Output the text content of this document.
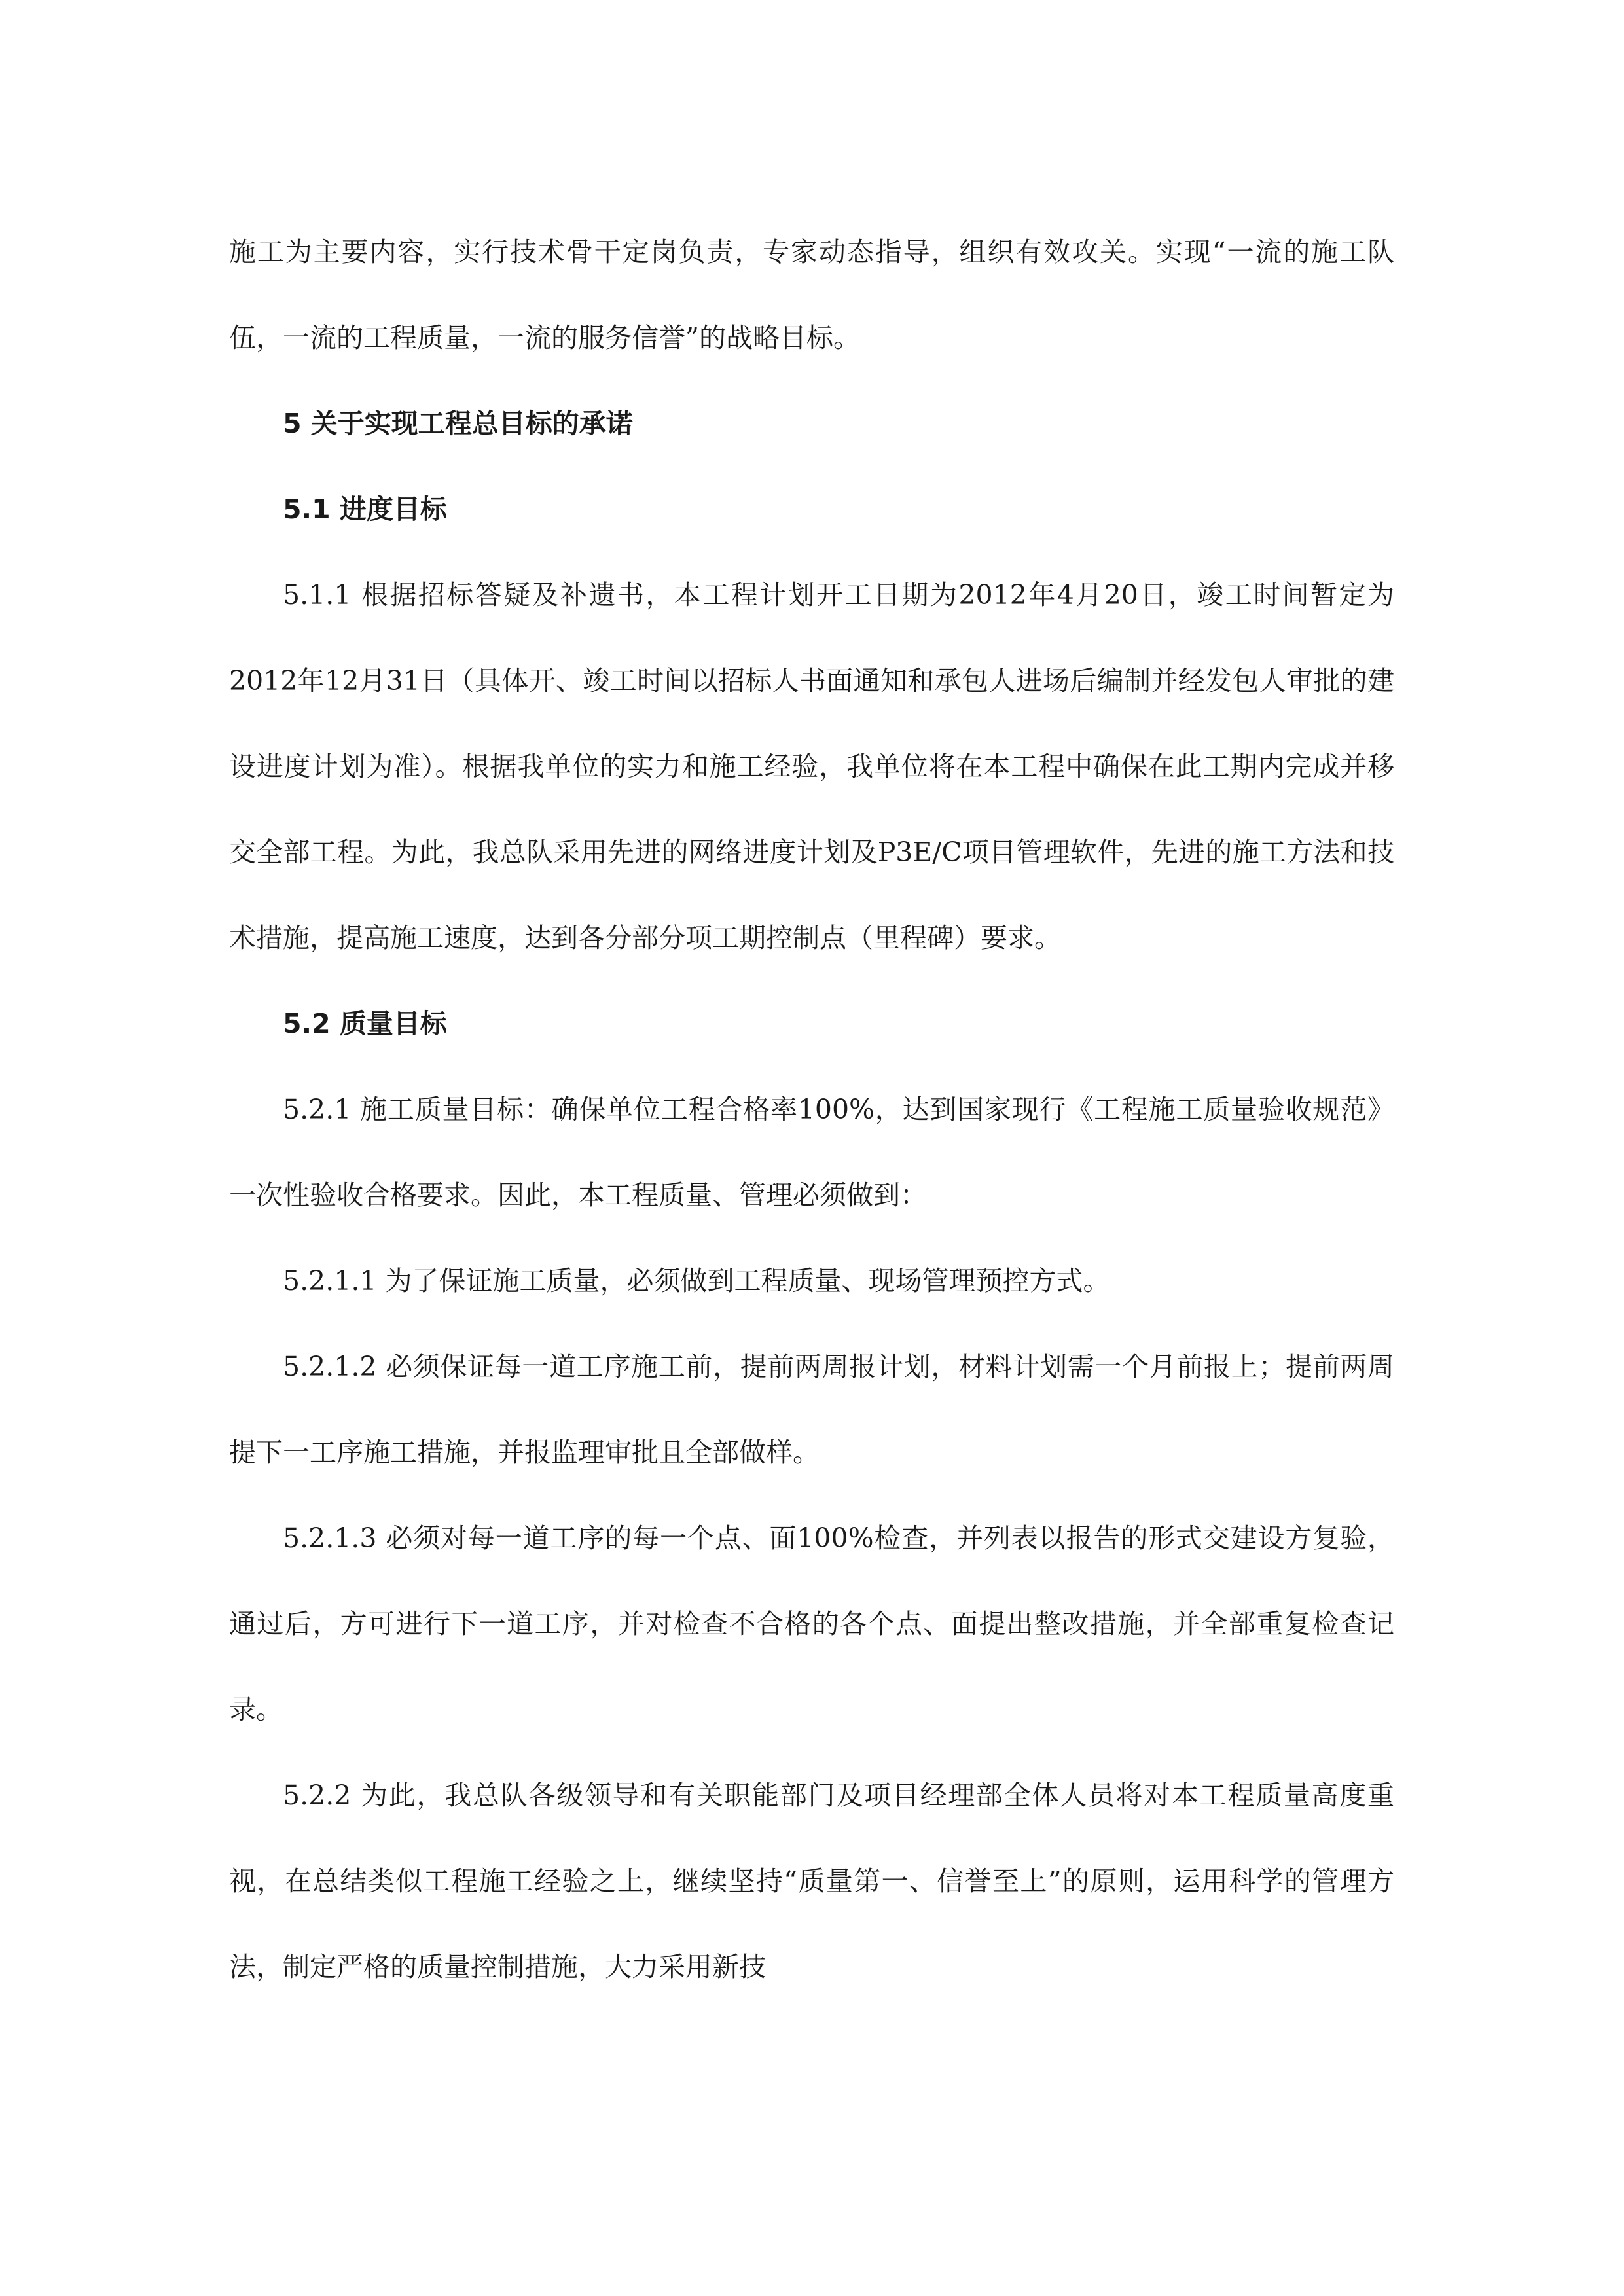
施工为主要内容，实行技术骨干定岗负责，专家动态指导，组织有效攻关。实现“一流的施工队伍，一流的工程质量，一流的服务信誉”的战略目标。

5 关于实现工程总目标的承诺

5.1 进度目标

5.1.1 根据招标答疑及补遗书，本工程计划开工日期为2012年4月20日，竣工时间暂定为2012年12月31日（具体开、竣工时间以招标人书面通知和承包人进场后编制并经发包人审批的建设进度计划为准）。根据我单位的实力和施工经验，我单位将在本工程中确保在此工期内完成并移交全部工程。为此，我总队采用先进的网络进度计划及P3E/C项目管理软件，先进的施工方法和技术措施，提高施工速度，达到各分部分项工期控制点（里程碑）要求。

5.2 质量目标

5.2.1 施工质量目标：确保单位工程合格率100%，达到国家现行《工程施工质量验收规范》一次性验收合格要求。因此，本工程质量、管理必须做到：

5.2.1.1 为了保证施工质量，必须做到工程质量、现场管理预控方式。

5.2.1.2 必须保证每一道工序施工前，提前两周报计划，材料计划需一个月前报上；提前两周提下一工序施工措施，并报监理审批且全部做样。

5.2.1.3 必须对每一道工序的每一个点、面100%检查，并列表以报告的形式交建设方复验，通过后，方可进行下一道工序，并对检查不合格的各个点、面提出整改措施，并全部重复检查记录。

5.2.2 为此，我总队各级领导和有关职能部门及项目经理部全体人员将对本工程质量高度重视，在总结类似工程施工经验之上，继续坚持“质量第一、信誉至上”的原则，运用科学的管理方法，制定严格的质量控制措施，大力采用新技
